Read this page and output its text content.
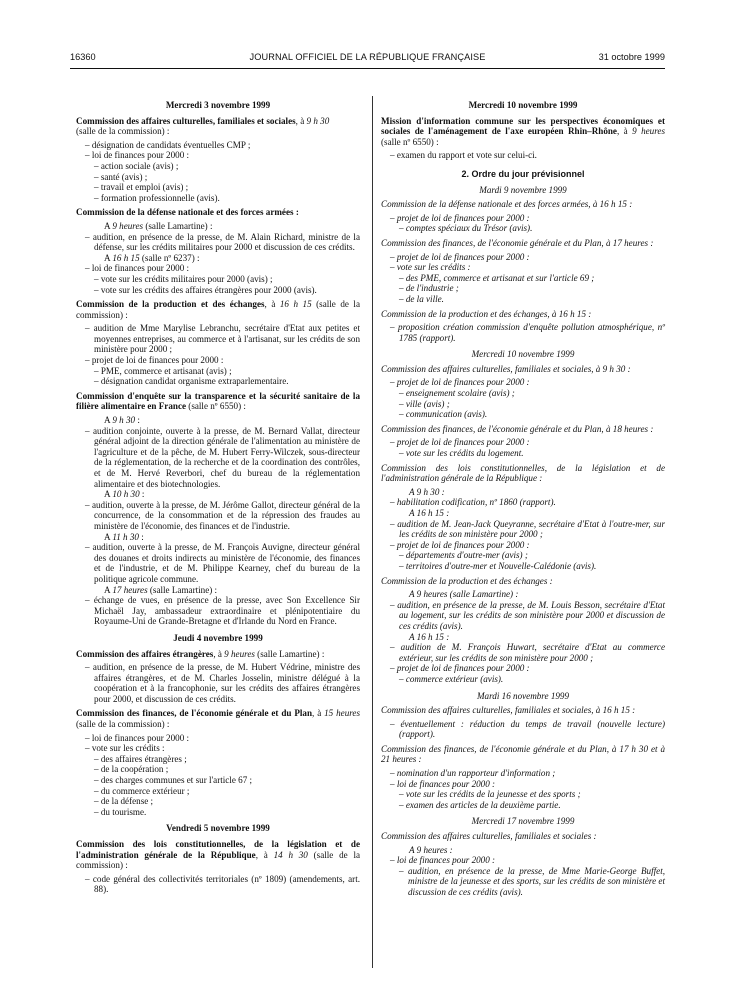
16360	JOURNAL OFFICIEL DE LA RÉPUBLIQUE FRANÇAISE	31 octobre 1999
Mercredi 3 novembre 1999
Commission des affaires culturelles, familiales et sociales, à 9 h 30
(salle de la commission) :
– désignation de candidats éventuelles CMP ;
– loi de finances pour 2000 :
– action sociale (avis) ;
– santé (avis) ;
– travail et emploi (avis) ;
– formation professionnelle (avis).
Commission de la défense nationale et des forces armées :
A 9 heures (salle Lamartine) :
– audition, en présence de la presse, de M. Alain Richard, ministre de la défense, sur les crédits militaires pour 2000 et discussion de ces crédits.
A 16 h 15 (salle nº 6237) :
– loi de finances pour 2000 :
– vote sur les crédits militaires pour 2000 (avis) ;
– vote sur les crédits des affaires étrangères pour 2000 (avis).
Commission de la production et des échanges, à 16 h 15 (salle de la commission) :
– audition de Mme Marylise Lebranchu, secrétaire d'Etat aux petites et moyennes entreprises, au commerce et à l'artisanat, sur les crédits de son ministère pour 2000 ;
– projet de loi de finances pour 2000 :
– PME, commerce et artisanat (avis) ;
– désignation candidat organisme extraparlementaire.
Commission d'enquête sur la transparence et la sécurité sanitaire de la filière alimentaire en France (salle nº 6550) :
A 9 h 30 :
– audition conjointe, ouverte à la presse, de M. Bernard Vallat, directeur général adjoint de la direction générale de l'alimentation au ministère de l'agriculture et de la pêche, de M. Hubert Ferry-Wilczek, sous-directeur de la réglementation, de la recherche et de la coordination des contrôles, et de M. Hervé Reverbori, chef du bureau de la réglementation alimentaire et des biotechnologies.
A 10 h 30 :
– audition, ouverte à la presse, de M. Jérôme Gallot, directeur général de la concurrence, de la consommation et de la répression des fraudes au ministère de l'économie, des finances et de l'industrie.
A 11 h 30 :
– audition, ouverte à la presse, de M. François Auvigne, directeur général des douanes et droits indirects au ministère de l'économie, des finances et de l'industrie, et de M. Philippe Kearney, chef du bureau de la politique agricole commune.
A 17 heures (salle Lamartine) :
– échange de vues, en présence de la presse, avec Son Excellence Sir Michaël Jay, ambassadeur extraordinaire et plénipotentiaire du Royaume-Uni de Grande-Bretagne et d'Irlande du Nord en France.
Jeudi 4 novembre 1999
Commission des affaires étrangères, à 9 heures (salle Lamartine) :
– audition, en présence de la presse, de M. Hubert Védrine, ministre des affaires étrangères, et de M. Charles Josselin, ministre délégué à la coopération et à la francophonie, sur les crédits des affaires étrangères pour 2000, et discussion de ces crédits.
Commission des finances, de l'économie générale et du Plan, à 15 heures (salle de la commission) :
– loi de finances pour 2000 :
– vote sur les crédits :
– des affaires étrangères ;
– de la coopération ;
– des charges communes et sur l'article 67 ;
– du commerce extérieur ;
– de la défense ;
– du tourisme.
Vendredi 5 novembre 1999
Commission des lois constitutionnelles, de la législation et de l'administration générale de la République, à 14 h 30 (salle de la commission) :
– code général des collectivités territoriales (nº 1809) (amendements, art. 88).
Mercredi 10 novembre 1999
Mission d'information commune sur les perspectives économiques et sociales de l'aménagement de l'axe européen Rhin–Rhône, à 9 heures (salle nº 6550) :
– examen du rapport et vote sur celui-ci.
2. Ordre du jour prévisionnel
Mardi 9 novembre 1999
Commission de la défense nationale et des forces armées, à 16 h 15 :
– projet de loi de finances pour 2000 :
– comptes spéciaux du Trésor (avis).
Commission des finances, de l'économie générale et du Plan, à 17 heures :
– projet de loi de finances pour 2000 :
– vote sur les crédits :
– des PME, commerce et artisanat et sur l'article 69 ;
– de l'industrie ;
– de la ville.
Commission de la production et des échanges, à 16 h 15 :
– proposition création commission d'enquête pollution atmosphérique, nº 1785 (rapport).
Mercredi 10 novembre 1999
Commission des affaires culturelles, familiales et sociales, à 9 h 30 :
– projet de loi de finances pour 2000 :
– enseignement scolaire (avis) ;
– ville (avis) ;
– communication (avis).
Commission des finances, de l'économie générale et du Plan, à 18 heures :
– projet de loi de finances pour 2000 :
– vote sur les crédits du logement.
Commission des lois constitutionnelles, de la législation et de l'administration générale de la République :
A 9 h 30 :
– habilitation codification, nº 1860 (rapport).
A 16 h 15 :
– audition de M. Jean-Jack Queyranne, secrétaire d'Etat à l'outre-mer, sur les crédits de son ministère pour 2000 ;
– projet de loi de finances pour 2000 :
– départements d'outre-mer (avis) ;
– territoires d'outre-mer et Nouvelle-Calédonie (avis).
Commission de la production et des échanges :
A 9 heures (salle Lamartine) :
– audition, en présence de la presse, de M. Louis Besson, secrétaire d'Etat au logement, sur les crédits de son ministère pour 2000 et discussion de ces crédits (avis).
A 16 h 15 :
– audition de M. François Huwart, secrétaire d'Etat au commerce extérieur, sur les crédits de son ministère pour 2000 ;
– projet de loi de finances pour 2000 :
– commerce extérieur (avis).
Mardi 16 novembre 1999
Commission des affaires culturelles, familiales et sociales, à 16 h 15 :
– éventuellement : réduction du temps de travail (nouvelle lecture) (rapport).
Commission des finances, de l'économie générale et du Plan, à 17 h 30 et à 21 heures :
– nomination d'un rapporteur d'information ;
– loi de finances pour 2000 :
– vote sur les crédits de la jeunesse et des sports ;
– examen des articles de la deuxième partie.
Mercredi 17 novembre 1999
Commission des affaires culturelles, familiales et sociales :
A 9 heures :
– loi de finances pour 2000 :
– audition, en présence de la presse, de Mme Marie-George Buffet, ministre de la jeunesse et des sports, sur les crédits de son ministère et discussion de ces crédits (avis).
